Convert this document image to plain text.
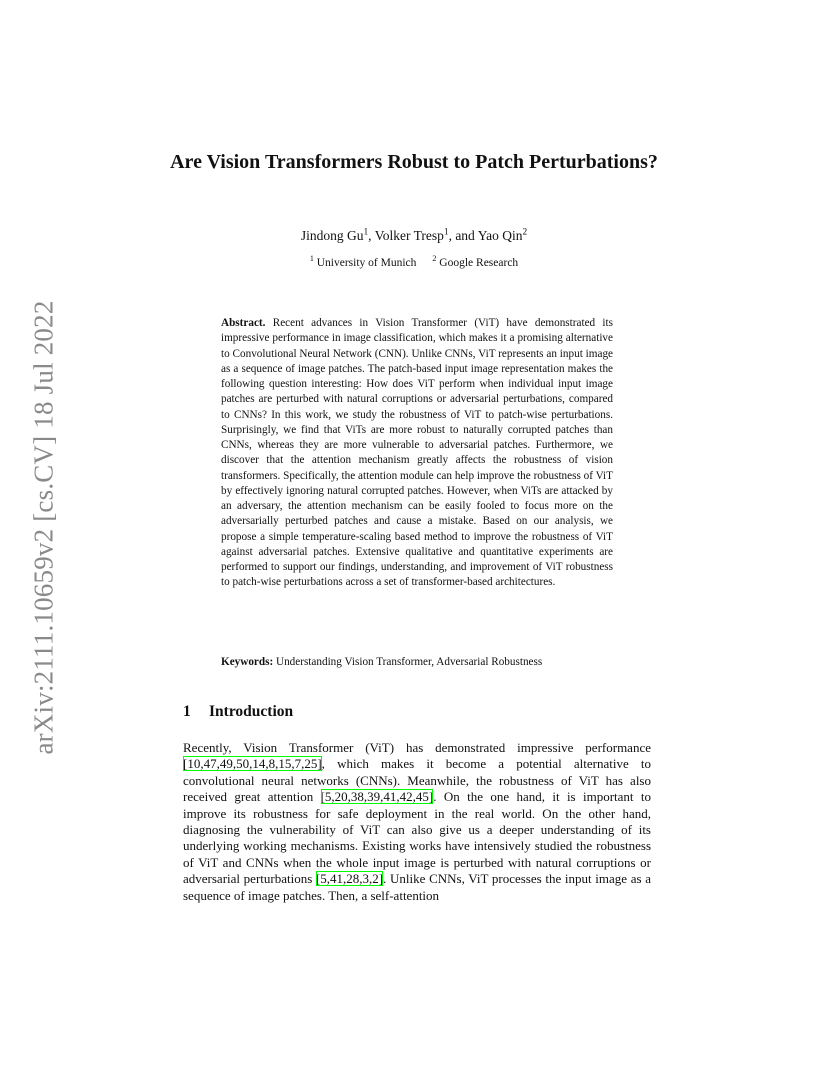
arXiv:2111.10659v2 [cs.CV] 18 Jul 2022
Are Vision Transformers Robust to Patch Perturbations?
Jindong Gu$^1$, Volker Tresp$^1$, and Yao Qin$^2$
$^1$ University of Munich $^2$ Google Research
Abstract. Recent advances in Vision Transformer (ViT) have demonstrated its impressive performance in image classification, which makes it a promising alternative to Convolutional Neural Network (CNN). Unlike CNNs, ViT represents an input image as a sequence of image patches. The patch-based input image representation makes the following question interesting: How does ViT perform when individual input image patches are perturbed with natural corruptions or adversarial perturbations, compared to CNNs? In this work, we study the robustness of ViT to patch-wise perturbations. Surprisingly, we find that ViTs are more robust to naturally corrupted patches than CNNs, whereas they are more vulnerable to adversarial patches. Furthermore, we discover that the attention mechanism greatly affects the robustness of vision transformers. Specifically, the attention module can help improve the robustness of ViT by effectively ignoring natural corrupted patches. However, when ViTs are attacked by an adversary, the attention mechanism can be easily fooled to focus more on the adversarially perturbed patches and cause a mistake. Based on our analysis, we propose a simple temperature-scaling based method to improve the robustness of ViT against adversarial patches. Extensive qualitative and quantitative experiments are performed to support our findings, understanding, and improvement of ViT robustness to patch-wise perturbations across a set of transformer-based architectures.
Keywords: Understanding Vision Transformer, Adversarial Robustness
1 Introduction

Recently, Vision Transformer (ViT) has demonstrated impressive performance [10,47,49,50,14,8,15,7,25], which makes it become a potential alternative to convolutional neural networks (CNNs). Meanwhile, the robustness of ViT has also received great attention [5,20,38,39,41,42,45]. On the one hand, it is important to improve its robustness for safe deployment in the real world. On the other hand, diagnosing the vulnerability of ViT can also give us a deeper understanding of its underlying working mechanisms. Existing works have intensively studied the robustness of ViT and CNNs when the whole input image is perturbed with natural corruptions or adversarial perturbations [5,41,28,3,2]. Unlike CNNs, ViT processes the input image as a sequence of image patches. Then, a self-attention
